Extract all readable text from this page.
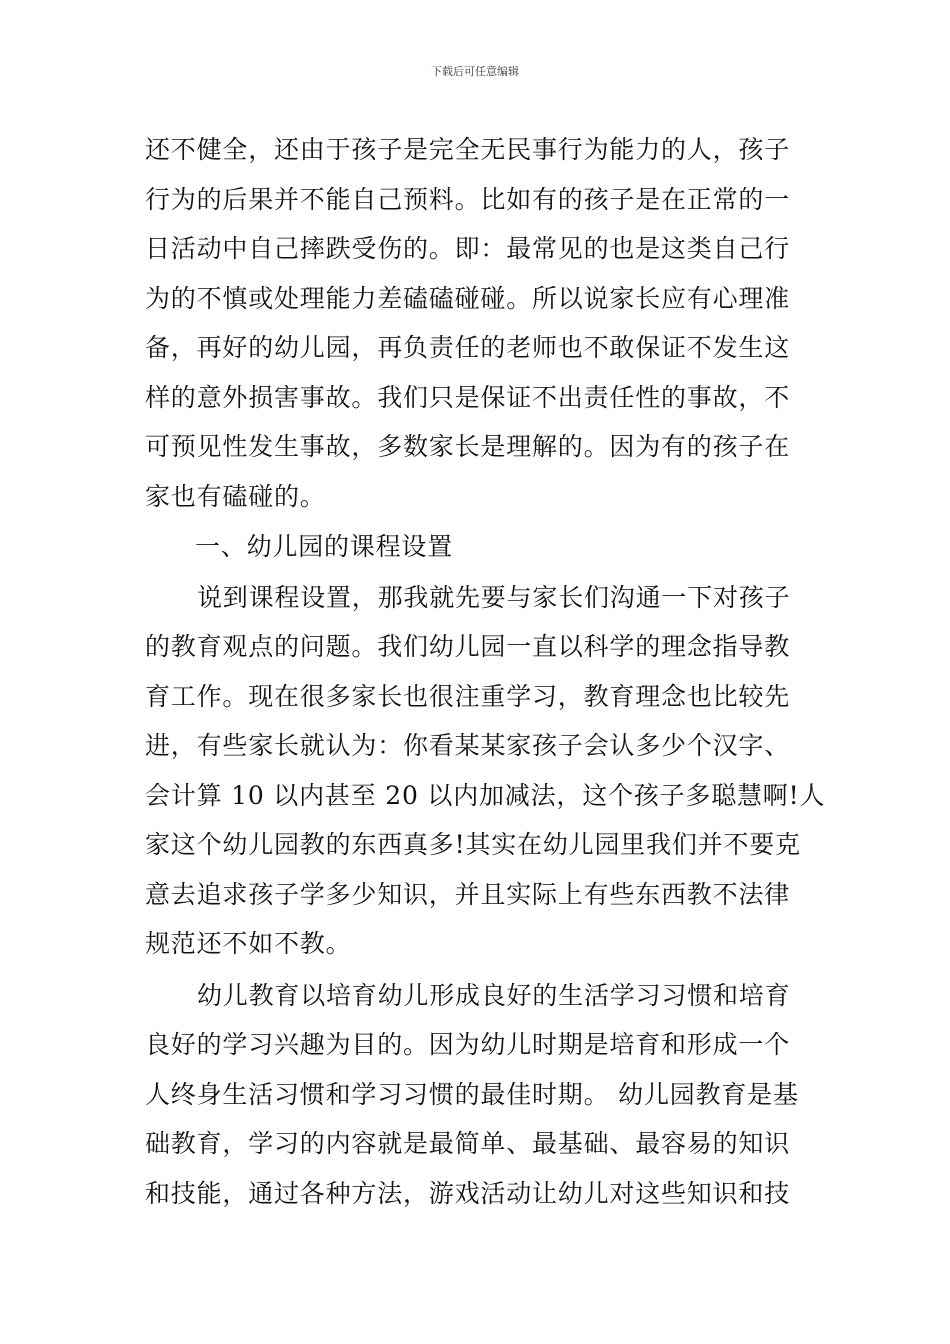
下载后可任意编辑
还不健全，还由于孩子是完全无民事行为能力的人，孩子
行为的后果并不能自己预料。比如有的孩子是在正常的一
日活动中自己摔跌受伤的。即：最常见的也是这类自己行
为的不慎或处理能力差磕磕碰碰。所以说家长应有心理准
备，再好的幼儿园，再负责任的老师也不敢保证不发生这
样的意外损害事故。我们只是保证不出责任性的事故，不
可预见性发生事故，多数家长是理解的。因为有的孩子在
家也有磕碰的。
一、幼儿园的课程设置
说到课程设置，那我就先要与家长们沟通一下对孩子
的教育观点的问题。我们幼儿园一直以科学的理念指导教
育工作。现在很多家长也很注重学习，教育理念也比较先
进，有些家长就认为：你看某某家孩子会认多少个汉字、
会计算 10 以内甚至 20 以内加减法，这个孩子多聪慧啊!人
家这个幼儿园教的东西真多!其实在幼儿园里我们并不要克
意去追求孩子学多少知识，并且实际上有些东西教不法律
规范还不如不教。
幼儿教育以培育幼儿形成良好的生活学习习惯和培育
良好的学习兴趣为目的。因为幼儿时期是培育和形成一个
人终身生活习惯和学习习惯的最佳时期。 幼儿园教育是基
础教育，学习的内容就是最简单、最基础、最容易的知识
和技能，通过各种方法，游戏活动让幼儿对这些知识和技
